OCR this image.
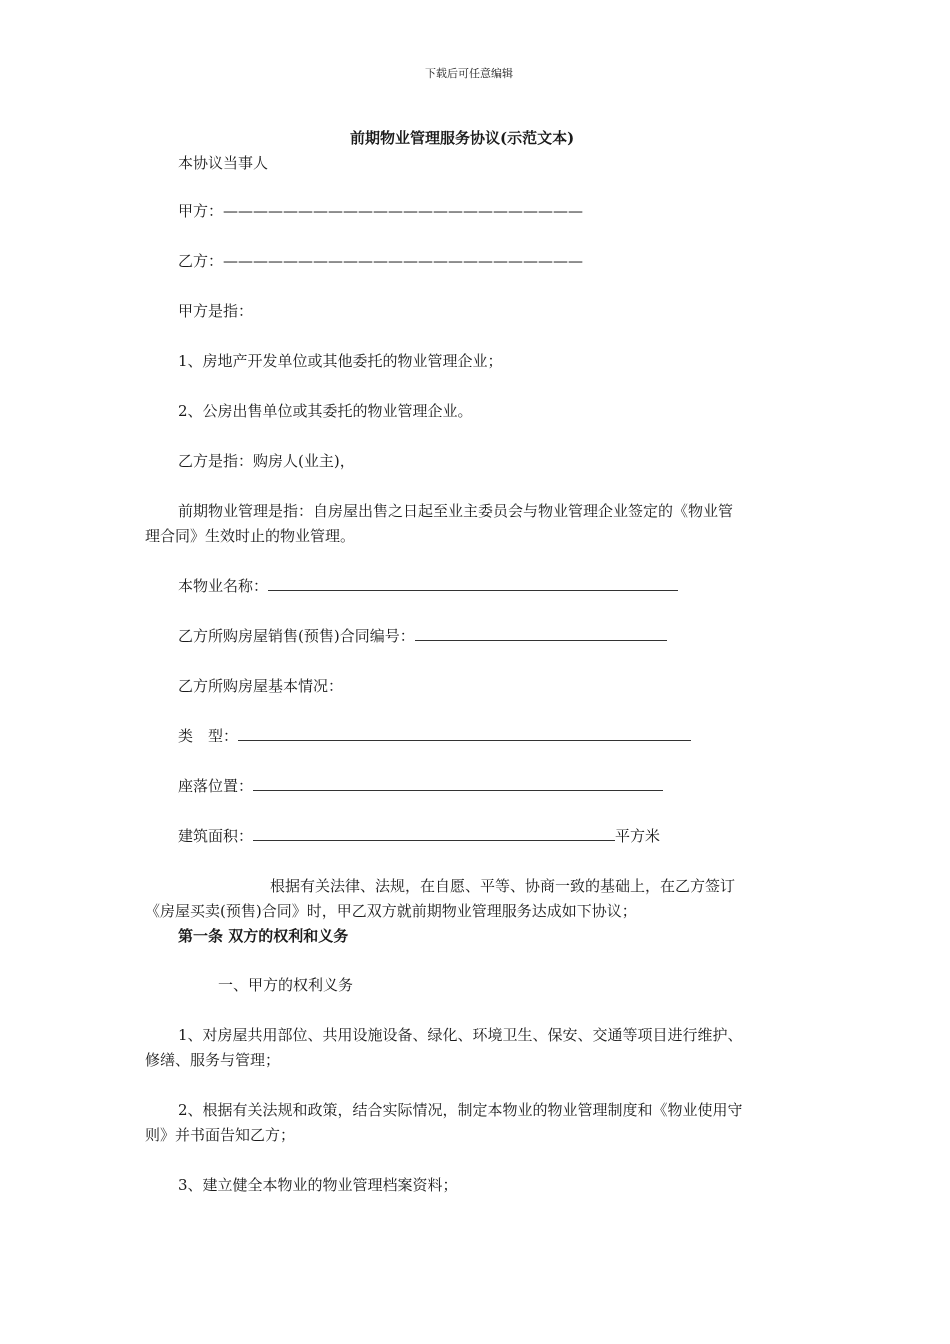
下载后可任意编辑
前期物业管理服务协议(示范文本)
本协议当事人
甲方：————————————————————————
乙方：————————————————————————
甲方是指：
1、房地产开发单位或其他委托的物业管理企业；
2、公房出售单位或其委托的物业管理企业。
乙方是指：购房人(业主)，
前期物业管理是指：自房屋出售之日起至业主委员会与物业管理企业签定的《物业管
理合同》生效时止的物业管理。
本物业名称：
乙方所购房屋销售(预售)合同编号：
乙方所购房屋基本情况：
类　型：
座落位置：
建筑面积：	平方米
根据有关法律、法规，在自愿、平等、协商一致的基础上，在乙方签订
《房屋买卖(预售)合同》时，甲乙双方就前期物业管理服务达成如下协议；
第一条 双方的权利和义务
一、甲方的权利义务
1、对房屋共用部位、共用设施设备、绿化、环境卫生、保安、交通等项目进行维护、
修缮、服务与管理；
2、根据有关法规和政策，结合实际情况，制定本物业的物业管理制度和《物业使用守
则》并书面告知乙方；
3、建立健全本物业的物业管理档案资料；
